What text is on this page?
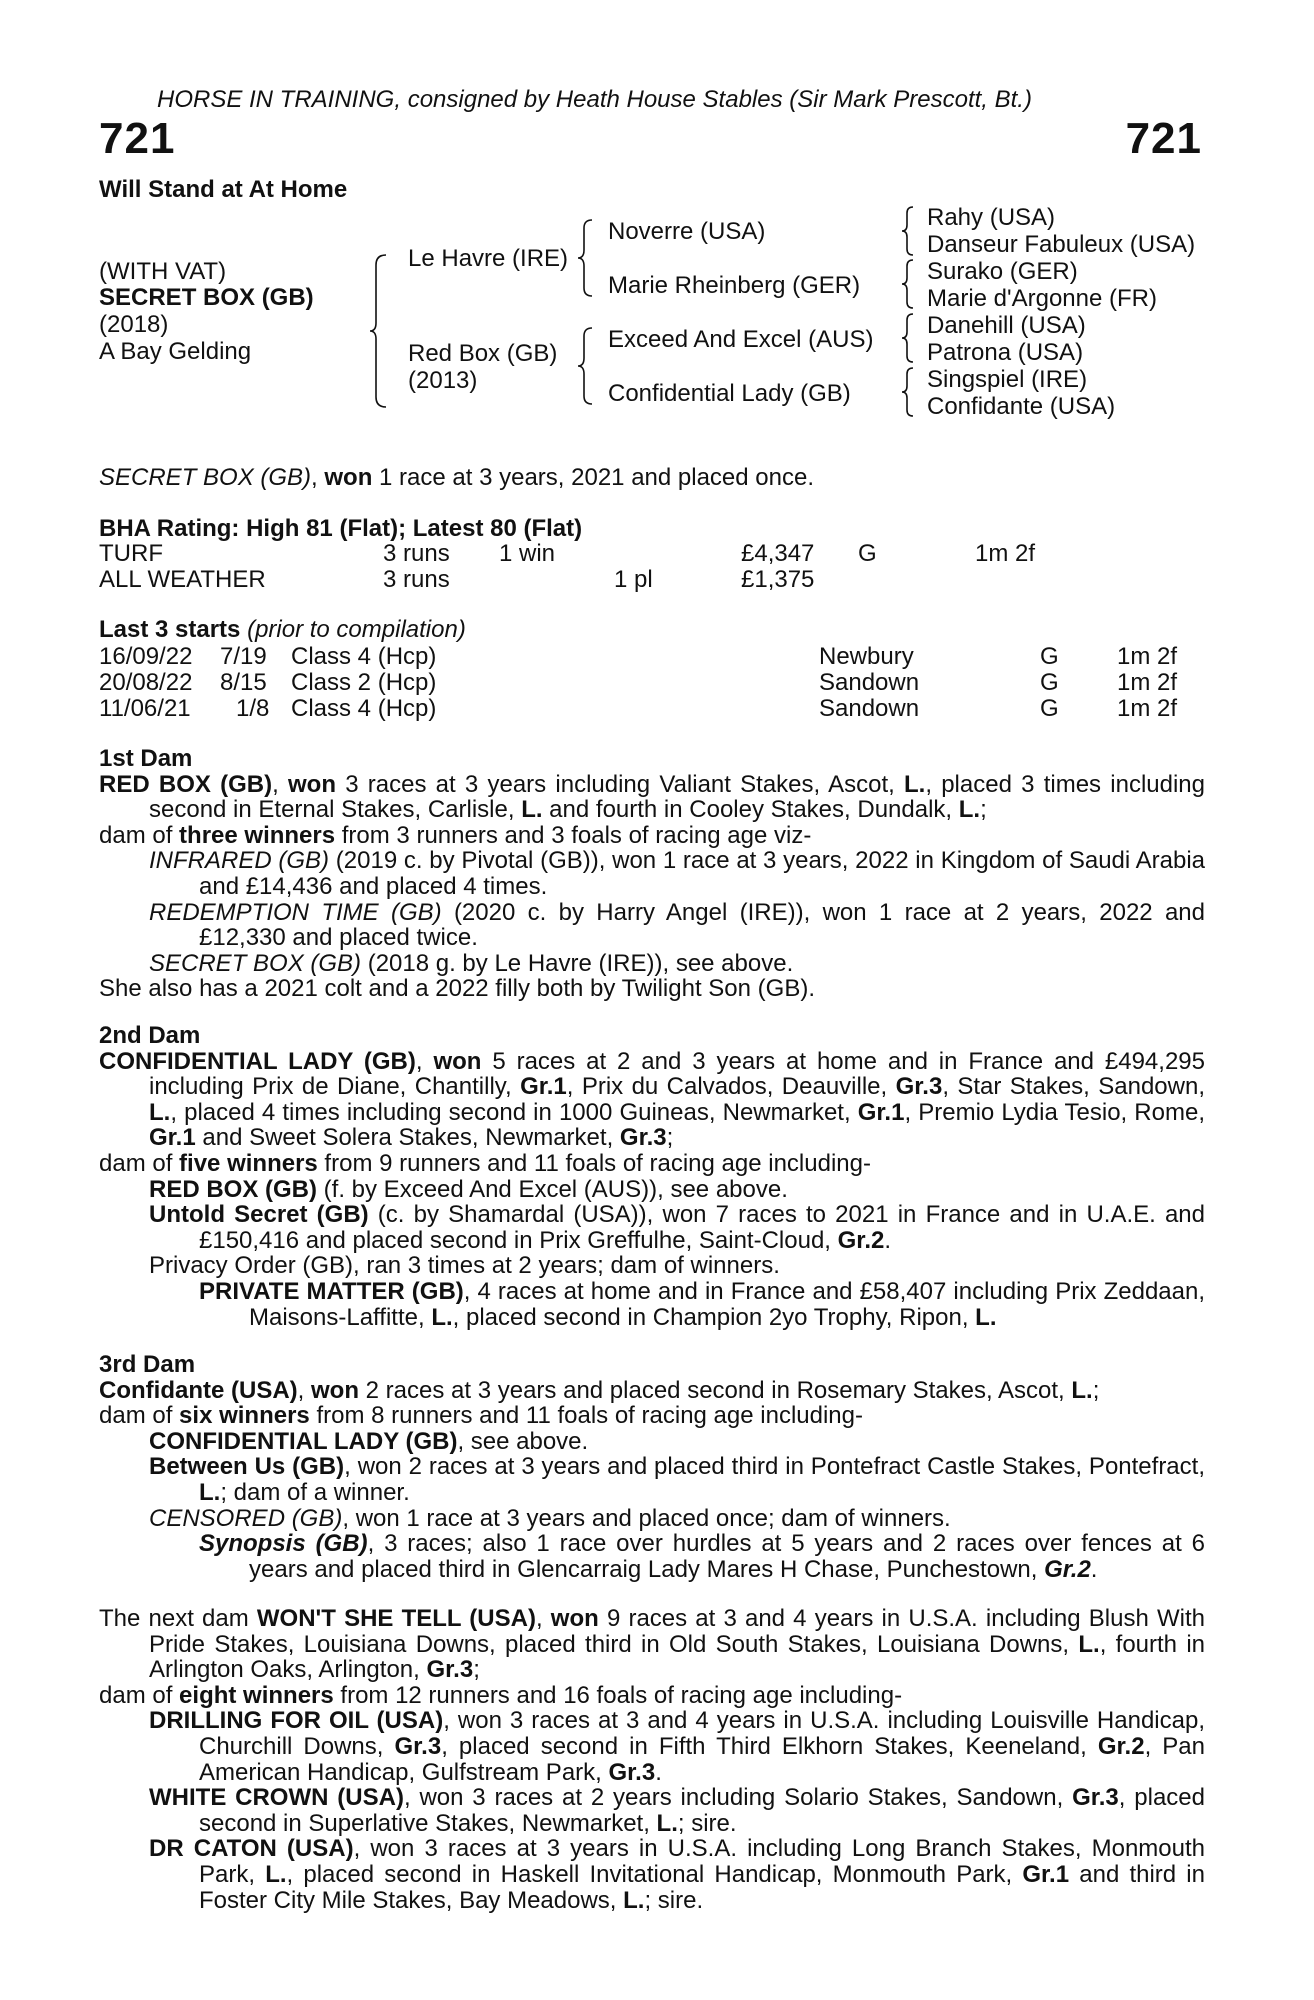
HORSE IN TRAINING, consigned by Heath House Stables (Sir Mark Prescott, Bt.)
721	721
Will Stand at At Home
(WITH VAT)
SECRET BOX (GB)
(2018)
A Bay Gelding
Le Havre (IRE)
Red Box (GB)
(2013)
Noverre (USA)
Marie Rheinberg (GER)
Exceed And Excel (AUS)
Confidential Lady (GB)
Rahy (USA)
Danseur Fabuleux (USA)
Surako (GER)
Marie d'Argonne (FR)
Danehill (USA)
Patrona (USA)
Singspiel (IRE)
Confidante (USA)
SECRET BOX (GB), won 1 race at 3 years, 2021 and placed once.
BHA Rating: High 81 (Flat); Latest 80 (Flat)
TURF	3 runs 1 win	£4,347 G	1m 2f
ALL WEATHER	3 runs	1 pl	£1,375
Last 3 starts (prior to compilation)
16/09/22 7/19 Class 4 (Hcp)	Newbury	G 1m 2f
20/08/22 8/15 Class 2 (Hcp)	Sandown	G 1m 2f
11/06/21 1/8 Class 4 (Hcp)	Sandown	G 1m 2f

1st Dam

RED BOX (GB), won 3 races at 3 years including Valiant Stakes, Ascot, L., placed 3 times including second in Eternal Stakes, Carlisle, L. and fourth in Cooley Stakes, Dundalk, L.;

dam of three winners from 3 runners and 3 foals of racing age viz-

INFRARED (GB) (2019 c. by Pivotal (GB)), won 1 race at 3 years, 2022 in Kingdom of Saudi Arabia and £14,436 and placed 4 times.

REDEMPTION TIME (GB) (2020 c. by Harry Angel (IRE)), won 1 race at 2 years, 2022 and £12,330 and placed twice.

SECRET BOX (GB) (2018 g. by Le Havre (IRE)), see above.

She also has a 2021 colt and a 2022 filly both by Twilight Son (GB).

2nd Dam

CONFIDENTIAL LADY (GB), won 5 races at 2 and 3 years at home and in France and £494,295 including Prix de Diane, Chantilly, Gr.1, Prix du Calvados, Deauville, Gr.3, Star Stakes, Sandown, L., placed 4 times including second in 1000 Guineas, Newmarket, Gr.1, Premio Lydia Tesio, Rome, Gr.1 and Sweet Solera Stakes, Newmarket, Gr.3;

dam of five winners from 9 runners and 11 foals of racing age including-

RED BOX (GB) (f. by Exceed And Excel (AUS)), see above.

Untold Secret (GB) (c. by Shamardal (USA)), won 7 races to 2021 in France and in U.A.E. and £150,416 and placed second in Prix Greffulhe, Saint-Cloud, Gr.2.

Privacy Order (GB), ran 3 times at 2 years; dam of winners.

PRIVATE MATTER (GB), 4 races at home and in France and £58,407 including Prix Zeddaan, Maisons-Laffitte, L., placed second in Champion 2yo Trophy, Ripon, L.

3rd Dam

Confidante (USA), won 2 races at 3 years and placed second in Rosemary Stakes, Ascot, L.;

dam of six winners from 8 runners and 11 foals of racing age including-

CONFIDENTIAL LADY (GB), see above.

Between Us (GB), won 2 races at 3 years and placed third in Pontefract Castle Stakes, Pontefract, L.; dam of a winner.

CENSORED (GB), won 1 race at 3 years and placed once; dam of winners.

Synopsis (GB), 3 races; also 1 race over hurdles at 5 years and 2 races over fences at 6 years and placed third in Glencarraig Lady Mares H Chase, Punchestown, Gr.2.

The next dam WON'T SHE TELL (USA), won 9 races at 3 and 4 years in U.S.A. including Blush With Pride Stakes, Louisiana Downs, placed third in Old South Stakes, Louisiana Downs, L., fourth in Arlington Oaks, Arlington, Gr.3;

dam of eight winners from 12 runners and 16 foals of racing age including-

DRILLING FOR OIL (USA), won 3 races at 3 and 4 years in U.S.A. including Louisville Handicap, Churchill Downs, Gr.3, placed second in Fifth Third Elkhorn Stakes, Keeneland, Gr.2, Pan American Handicap, Gulfstream Park, Gr.3.

WHITE CROWN (USA), won 3 races at 2 years including Solario Stakes, Sandown, Gr.3, placed second in Superlative Stakes, Newmarket, L.; sire.

DR CATON (USA), won 3 races at 3 years in U.S.A. including Long Branch Stakes, Monmouth Park, L., placed second in Haskell Invitational Handicap, Monmouth Park, Gr.1 and third in Foster City Mile Stakes, Bay Meadows, L.; sire.
